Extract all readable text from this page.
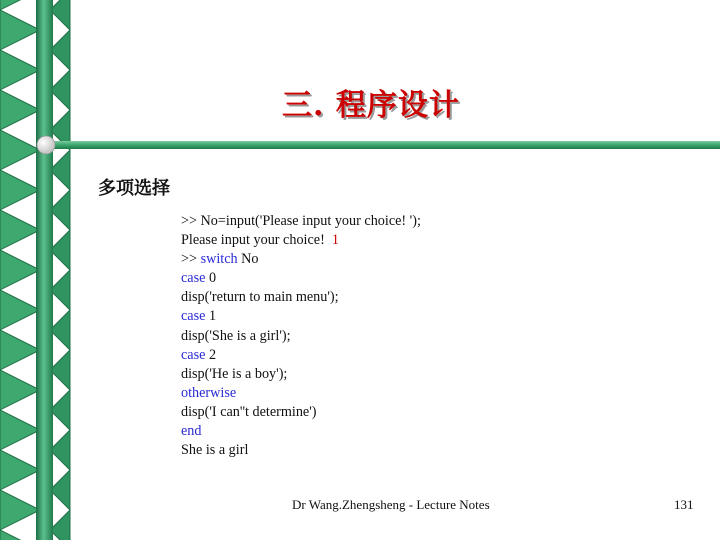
三. 程序设计
多项选择
>> No=input('Please input your choice! ');
Please input your choice!  1
>> switch No
case 0
disp('return to main menu');
case 1
disp('She is a girl');
case 2
disp('He is a boy');
otherwise
disp('I can''t determine')
end
She is a girl
Dr Wang.Zhengsheng - Lecture Notes	131
